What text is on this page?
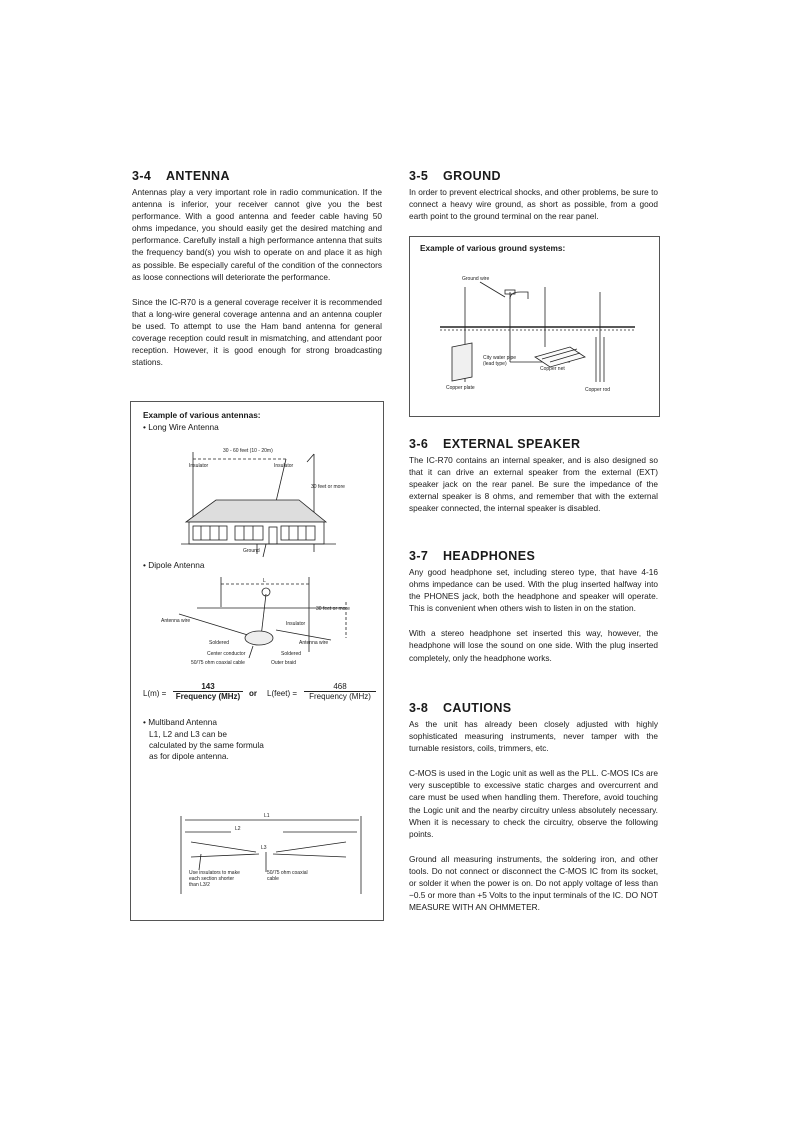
3-4 ANTENNA

Antennas play a very important role in radio communication. If the antenna is inferior, your receiver cannot give you the best performance. With a good antenna and feeder cable having 50 ohms impedance, you should easily get the desired matching and performance. Carefully install a high performance antenna that suits the frequency band(s) you wish to operate on and place it as high as possible. Be especially careful of the condition of the connectors as loose connections will deteriorate the performance.

Since the IC-R70 is a general coverage receiver it is recommended that a long-wire general coverage antenna and an antenna coupler be used. To attempt to use the Ham band antenna for general coverage reception could result in mismatching, and attendant poor reception. However, it is good enough for strong broadcasting stations.

Example of various antennas:
• Long Wire Antenna
30 - 60 feet (10 - 20m)
Insulator	Insulator
30 feet or more
Ground
• Dipole Antenna
L
30 feet or more
Antenna wire	Insulator
Soldered	Antenna wire
Center conductor	Soldered
50/75 ohm coaxial cable	Outer braid
L(m) =
143
Frequency (MHz)	or L(feet) =
468
Frequency (MHz)
• Multiband Antenna
L1, L2 and L3 can be calculated by the same formula as for dipole antenna.
L1
L2
L3
Use insulators to make each section shorter than L3/2
50/75 ohm coaxial cable
3-5 GROUND

In order to prevent electrical shocks, and other problems, be sure to connect a heavy wire ground, as short as possible, from a good earth point to the ground terminal on the rear panel.

Example of various ground systems:
Ground wire
City water pipe (lead type)
Copper net
Copper plate	Copper rod
3-6 EXTERNAL SPEAKER

The IC-R70 contains an internal speaker, and is also designed so that it can drive an external speaker from the external (EXT) speaker jack on the rear panel. Be sure the impedance of the external speaker is 8 ohms, and remember that with the external speaker connected, the internal speaker is disabled.

3-7 HEADPHONES

Any good headphone set, including stereo type, that have 4-16 ohms impedance can be used. With the plug inserted halfway into the PHONES jack, both the headphone and speaker will operate. This is convenient when others wish to listen in on the station.

With a stereo headphone set inserted this way, however, the headphone will lose the sound on one side. With the plug inserted completely, only the headphone works.

3-8 CAUTIONS

As the unit has already been closely adjusted with highly sophisticated measuring instruments, never tamper with the turnable resistors, coils, trimmers, etc.

C-MOS is used in the Logic unit as well as the PLL. C-MOS ICs are very susceptible to excessive static charges and overcurrent and care must be used when handling them. Therefore, avoid touching the Logic unit and the nearby circuitry unless absolutely necessary. When it is necessary to check the circuitry, observe the following points.

Ground all measuring instruments, the soldering iron, and other tools. Do not connect or disconnect the C-MOS IC from its socket, or solder it when the power is on. Do not apply voltage of less than −0.5 or more than +5 Volts to the input terminals of the IC. DO NOT MEASURE WITH AN OHMMETER.
